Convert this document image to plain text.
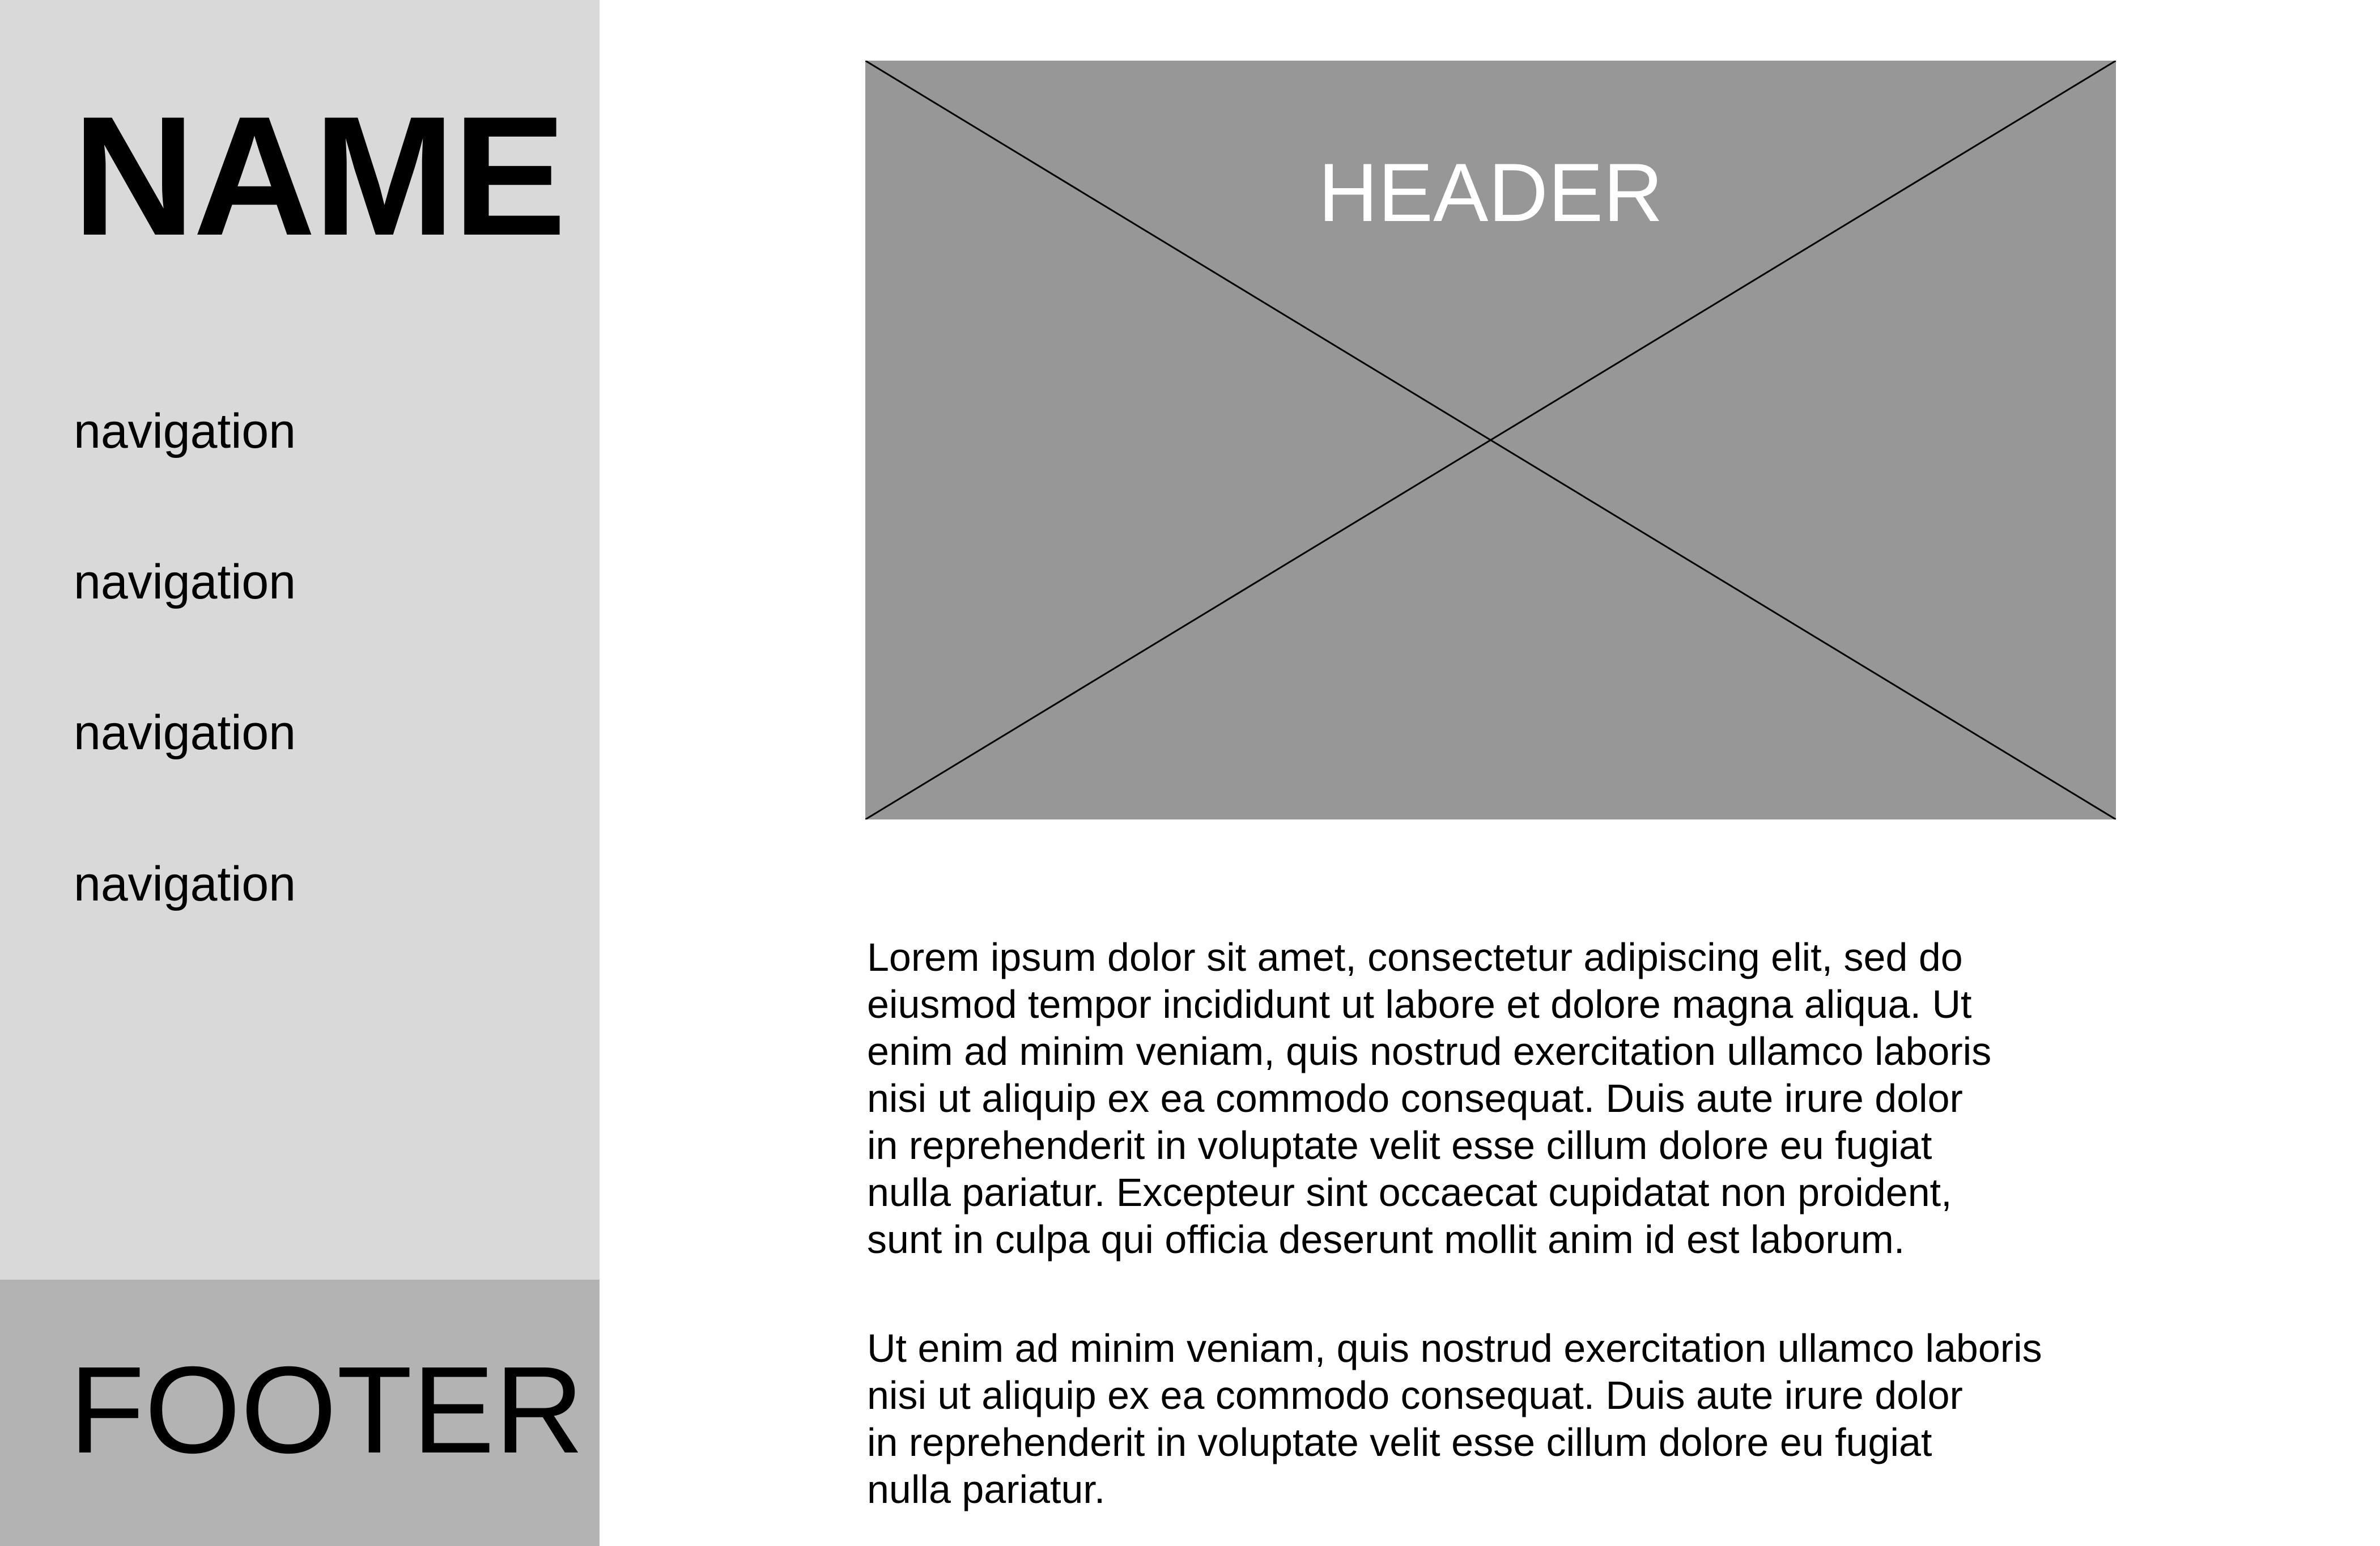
NAME
navigation
navigation
navigation
navigation
FOOTER
HEADER
Lorem ipsum dolor sit amet, consectetur adipiscing elit, sed do
eiusmod tempor incididunt ut labore et dolore magna aliqua. Ut
enim ad minim veniam, quis nostrud exercitation ullamco laboris
nisi ut aliquip ex ea commodo consequat. Duis aute irure dolor
in reprehenderit in voluptate velit esse cillum dolore eu fugiat
nulla pariatur. Excepteur sint occaecat cupidatat non proident,
sunt in culpa qui officia deserunt mollit anim id est laborum.
Ut enim ad minim veniam, quis nostrud exercitation ullamco laboris
nisi ut aliquip ex ea commodo consequat. Duis aute irure dolor
in reprehenderit in voluptate velit esse cillum dolore eu fugiat
nulla pariatur.
